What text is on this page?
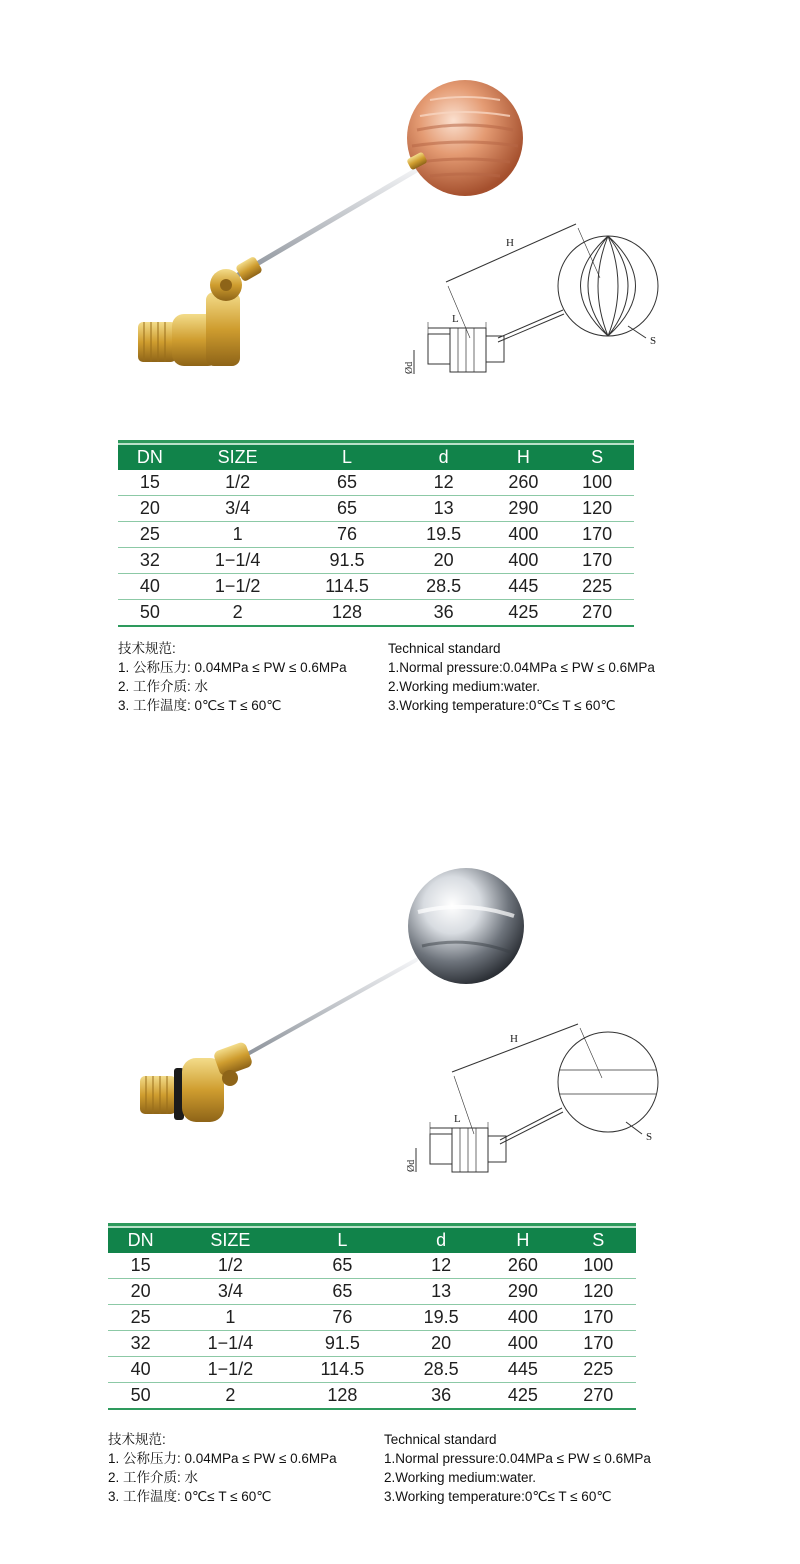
H
L
S
Ød

DN	SIZE	L	d	H	S
15	1/2	65	12	260	100
20	3/4	65	13	290	120
25	1	76	19.5	400	170
32	1−1/4	91.5	20	400	170
40	1−1/2	114.5	28.5	445	225
50	2	128	36	425	270
技术规范:
1. 公称压力: 0.04MPa ≤ PW ≤ 0.6MPa
2. 工作介质: 水
3. 工作温度: 0℃≤ T ≤ 60℃
Technical standard
1.Normal pressure:0.04MPa ≤ PW ≤ 0.6MPa
2.Working medium:water.
3.Working temperature:0℃≤ T ≤ 60℃
H
L
S
Ød

DN	SIZE	L	d	H	S
15	1/2	65	12	260	100
20	3/4	65	13	290	120
25	1	76	19.5	400	170
32	1−1/4	91.5	20	400	170
40	1−1/2	114.5	28.5	445	225
50	2	128	36	425	270
技术规范:
1. 公称压力: 0.04MPa ≤ PW ≤ 0.6MPa
2. 工作介质: 水
3. 工作温度: 0℃≤ T ≤ 60℃
Technical standard
1.Normal pressure:0.04MPa ≤ PW ≤ 0.6MPa
2.Working medium:water.
3.Working temperature:0℃≤ T ≤ 60℃
